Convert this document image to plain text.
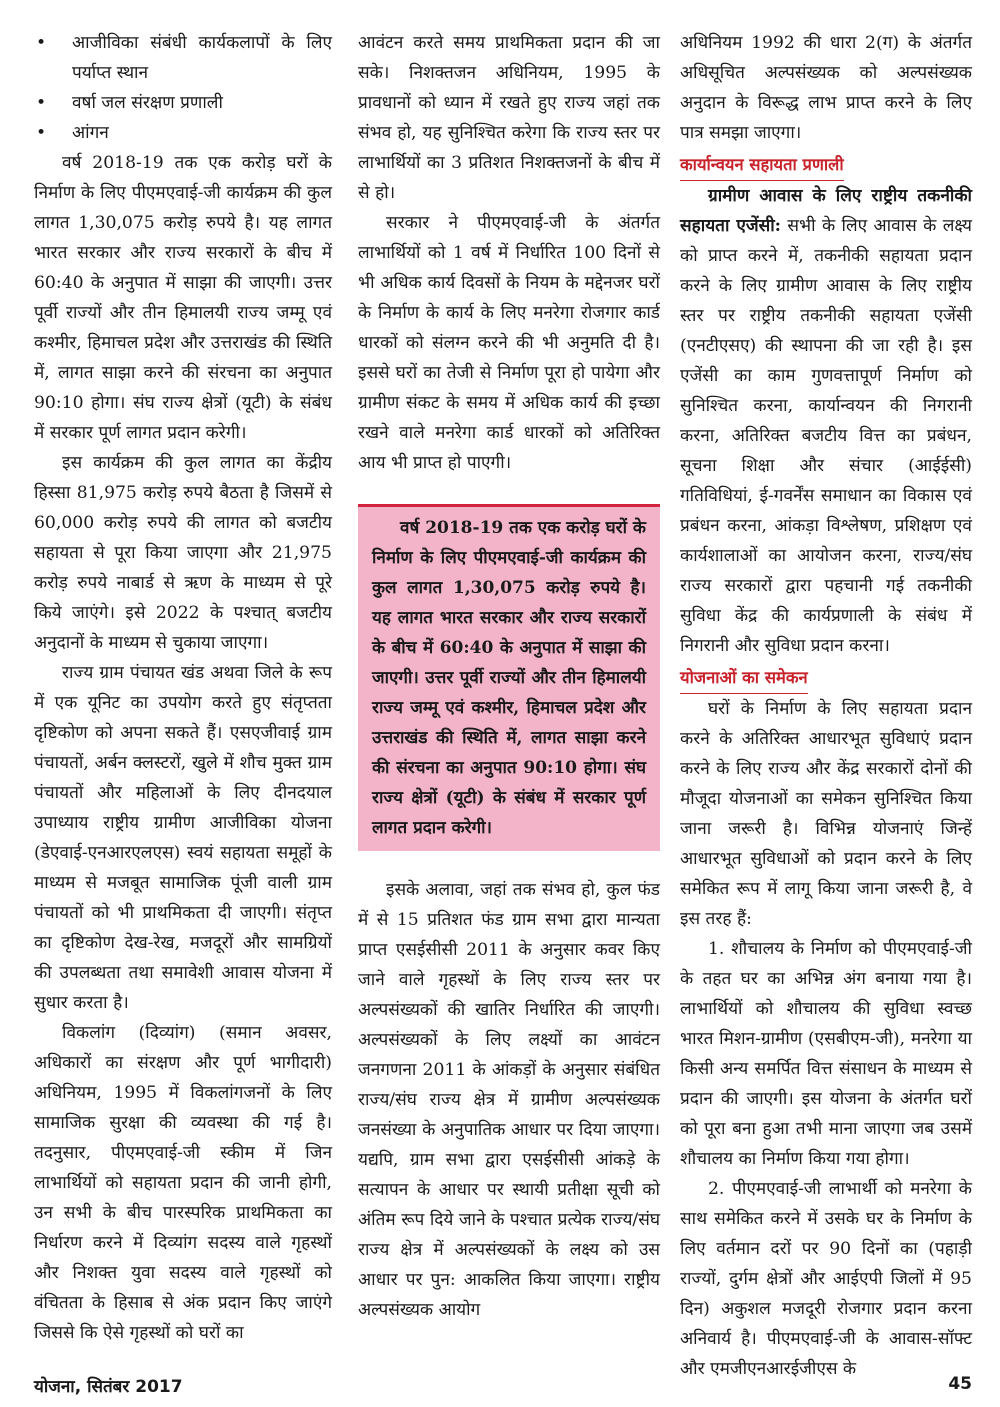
• आजीविका संबंधी कार्यकलापों के लिए पर्याप्त स्थान
• वर्षा जल संरक्षण प्रणाली
• आंगन

वर्ष 2018-19 तक एक करोड़ घरों के निर्माण के लिए पीएमएवाई-जी कार्यक्रम की कुल लागत 1,30,075 करोड़ रुपये है। यह लागत भारत सरकार और राज्य सरकारों के बीच में 60:40 के अनुपात में साझा की जाएगी। उत्तर पूर्वी राज्यों और तीन हिमालयी राज्य जम्मू एवं कश्मीर, हिमाचल प्रदेश और उत्तराखंड की स्थिति में, लागत साझा करने की संरचना का अनुपात 90:10 होगा। संघ राज्य क्षेत्रों (यूटी) के संबंध में सरकार पूर्ण लागत प्रदान करेगी।

इस कार्यक्रम की कुल लागत का केंद्रीय हिस्सा 81,975 करोड़ रुपये बैठता है जिसमें से 60,000 करोड़ रुपये की लागत को बजटीय सहायता से पूरा किया जाएगा और 21,975 करोड़ रुपये नाबार्ड से ऋण के माध्यम से पूरे किये जाएंगे। इसे 2022 के पश्चात् बजटीय अनुदानों के माध्यम से चुकाया जाएगा।

राज्य ग्राम पंचायत खंड अथवा जिले के रूप में एक यूनिट का उपयोग करते हुए संतृप्तता दृष्टिकोण को अपना सकते हैं। एसएजीवाई ग्राम पंचायतों, अर्बन क्लस्टरों, खुले में शौच मुक्त ग्राम पंचायतों और महिलाओं के लिए दीनदयाल उपाध्याय राष्ट्रीय ग्रामीण आजीविका योजना (डेएवाई-एनआरएलएस) स्वयं सहायता समूहों के माध्यम से मजबूत सामाजिक पूंजी वाली ग्राम पंचायतों को भी प्राथमिकता दी जाएगी। संतृप्त का दृष्टिकोण देख-रेख, मजदूरों और सामग्रियों की उपलब्धता तथा समावेशी आवास योजना में सुधार करता है।

विकलांग (दिव्यांग) (समान अवसर, अधिकारों का संरक्षण और पूर्ण भागीदारी) अधिनियम, 1995 में विकलांगजनों के लिए सामाजिक सुरक्षा की व्यवस्था की गई है। तदनुसार, पीएमएवाई-जी स्कीम में जिन लाभार्थियों को सहायता प्रदान की जानी होगी, उन सभी के बीच पारस्परिक प्राथमिकता का निर्धारण करने में दिव्यांग सदस्य वाले गृहस्थों और निशक्त युवा सदस्य वाले गृहस्थों को वंचितता के हिसाब से अंक प्रदान किए जाएंगे जिससे कि ऐसे गृहस्थों को घरों का

आवंटन करते समय प्राथमिकता प्रदान की जा सके। निशक्तजन अधिनियम, 1995 के प्रावधानों को ध्यान में रखते हुए राज्य जहां तक संभव हो, यह सुनिश्चित करेगा कि राज्य स्तर पर लाभार्थियों का 3 प्रतिशत निशक्तजनों के बीच में से हो।

सरकार ने पीएमएवाई-जी के अंतर्गत लाभार्थियों को 1 वर्ष में निर्धारित 100 दिनों से भी अधिक कार्य दिवसों के नियम के मद्देनजर घरों के निर्माण के कार्य के लिए मनरेगा रोजगार कार्ड धारकों को संलग्न करने की भी अनुमति दी है। इससे घरों का तेजी से निर्माण पूरा हो पायेगा और ग्रामीण संकट के समय में अधिक कार्य की इच्छा रखने वाले मनरेगा कार्ड धारकों को अतिरिक्त आय भी प्राप्त हो पाएगी।

वर्ष 2018-19 तक एक करोड़ घरों के निर्माण के लिए पीएमएवाई-जी कार्यक्रम की कुल लागत 1,30,075 करोड़ रुपये है। यह लागत भारत सरकार और राज्य सरकारों के बीच में 60:40 के अनुपात में साझा की जाएगी। उत्तर पूर्वी राज्यों और तीन हिमालयी राज्य जम्मू एवं कश्मीर, हिमाचल प्रदेश और उत्तराखंड की स्थिति में, लागत साझा करने की संरचना का अनुपात 90:10 होगा। संघ राज्य क्षेत्रों (यूटी) के संबंध में सरकार पूर्ण लागत प्रदान करेगी।

इसके अलावा, जहां तक संभव हो, कुल फंड में से 15 प्रतिशत फंड ग्राम सभा द्वारा मान्यता प्राप्त एसईसीसी 2011 के अनुसार कवर किए जाने वाले गृहस्थों के लिए राज्य स्तर पर अल्पसंख्यकों की खातिर निर्धारित की जाएगी। अल्पसंख्यकों के लिए लक्ष्यों का आवंटन जनगणना 2011 के आंकड़ों के अनुसार संबंधित राज्य/संघ राज्य क्षेत्र में ग्रामीण अल्पसंख्यक जनसंख्या के अनुपातिक आधार पर दिया जाएगा। यद्यपि, ग्राम सभा द्वारा एसईसीसी आंकड़े के सत्यापन के आधार पर स्थायी प्रतीक्षा सूची को अंतिम रूप दिये जाने के पश्चात प्रत्येक राज्य/संघ राज्य क्षेत्र में अल्पसंख्यकों के लक्ष्य को उस आधार पर पुन: आकलित किया जाएगा। राष्ट्रीय अल्पसंख्यक आयोग

अधिनियम 1992 की धारा 2(ग) के अंतर्गत अधिसूचित अल्पसंख्यक को अल्पसंख्यक अनुदान के विरूद्ध लाभ प्राप्त करने के लिए पात्र समझा जाएगा।

कार्यान्वयन सहायता प्रणाली

ग्रामीण आवास के लिए राष्ट्रीय तकनीकी सहायता एजेंसी: सभी के लिए आवास के लक्ष्य को प्राप्त करने में, तकनीकी सहायता प्रदान करने के लिए ग्रामीण आवास के लिए राष्ट्रीय स्तर पर राष्ट्रीय तकनीकी सहायता एजेंसी (एनटीएसए) की स्थापना की जा रही है। इस एजेंसी का काम गुणवत्तापूर्ण निर्माण को सुनिश्चित करना, कार्यान्वयन की निगरानी करना, अतिरिक्त बजटीय वित्त का प्रबंधन, सूचना शिक्षा और संचार (आईईसी) गतिविधियां, ई-गवर्नेंस समाधान का विकास एवं प्रबंधन करना, आंकड़ा विश्लेषण, प्रशिक्षण एवं कार्यशालाओं का आयोजन करना, राज्य/संघ राज्य सरकारों द्वारा पहचानी गई तकनीकी सुविधा केंद्र की कार्यप्रणाली के संबंध में निगरानी और सुविधा प्रदान करना।

योजनाओं का समेकन

घरों के निर्माण के लिए सहायता प्रदान करने के अतिरिक्त आधारभूत सुविधाएं प्रदान करने के लिए राज्य और केंद्र सरकारों दोनों की मौजूदा योजनाओं का समेकन सुनिश्चित किया जाना जरूरी है। विभिन्न योजनाएं जिन्हें आधारभूत सुविधाओं को प्रदान करने के लिए समेकित रूप में लागू किया जाना जरूरी है, वे इस तरह हैं:

1. शौचालय के निर्माण को पीएमएवाई-जी के तहत घर का अभिन्न अंग बनाया गया है। लाभार्थियों को शौचालय की सुविधा स्वच्छ भारत मिशन-ग्रामीण (एसबीएम-जी), मनरेगा या किसी अन्य समर्पित वित्त संसाधन के माध्यम से प्रदान की जाएगी। इस योजना के अंतर्गत घरों को पूरा बना हुआ तभी माना जाएगा जब उसमें शौचालय का निर्माण किया गया होगा।

2. पीएमएवाई-जी लाभार्थी को मनरेगा के साथ समेकित करने में उसके घर के निर्माण के लिए वर्तमान दरों पर 90 दिनों का (पहाड़ी राज्यों, दुर्गम क्षेत्रों और आईएपी जिलों में 95 दिन) अकुशल मजदूरी रोजगार प्रदान करना अनिवार्य है। पीएमएवाई-जी के आवास-सॉफ्ट और एमजीएनआरईजीएस के

योजना, सितंबर 2017	45
